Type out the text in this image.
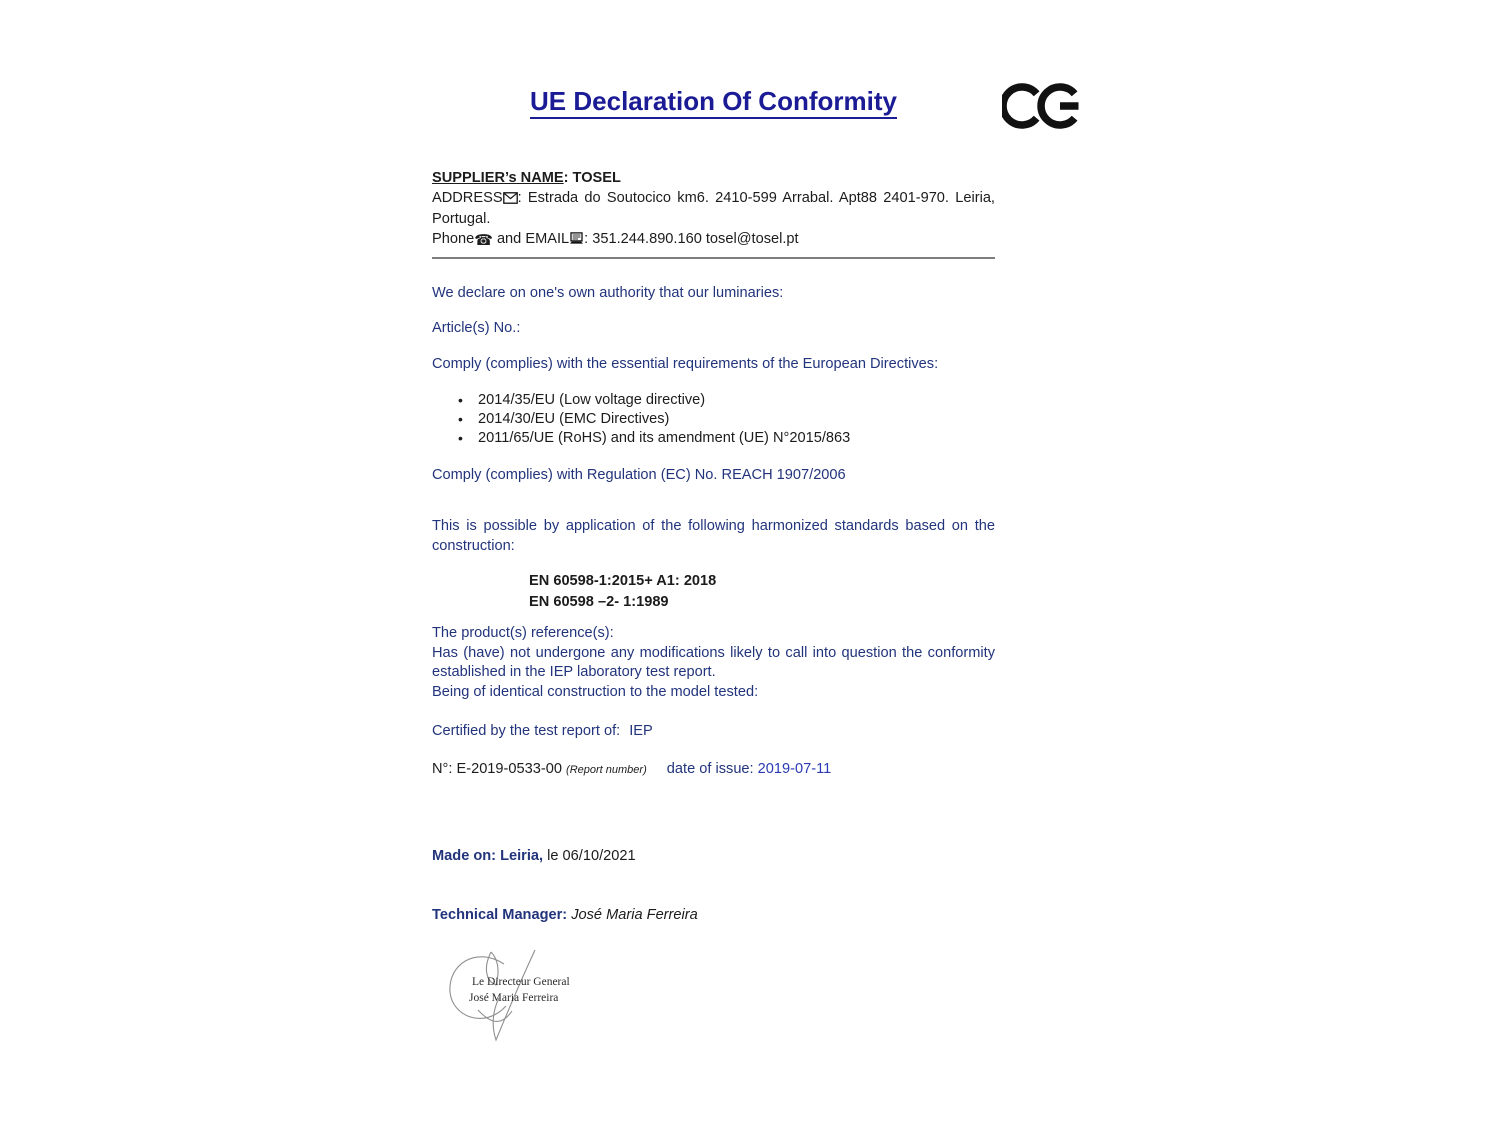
UE Declaration Of Conformity

SUPPLIER’s NAME: TOSEL

ADDRESS : Estrada do Soutocico km6. 2410-599 Arrabal. Apt88 2401-970. Leiria, Portugal.

Phone☎ and EMAIL : 351.244.890.160 tosel@tosel.pt

We declare on one's own authority that our luminaries:

Article(s) No.:

Comply (complies) with the essential requirements of the European Directives:

• 2014/35/EU (Low voltage directive)
• 2014/30/EU (EMC Directives)
• 2011/65/UE (RoHS) and its amendment (UE) N°2015/863

Comply (complies) with Regulation (EC) No. REACH 1907/2006

This is possible by application of the following harmonized standards based on the construction:

EN 60598-1:2015+ A1: 2018

EN 60598 –2- 1:1989

The product(s) reference(s):

Has (have) not undergone any modifications likely to call into question the conformity established in the IEP laboratory test report.

Being of identical construction to the model tested:

Certified by the test report of: IEP

N°: E-2019-0533-00 (Report number) date of issue: 2019-07-11

Made on: Leiria, le 06/10/2021

Technical Manager: José Maria Ferreira

Le Directeur General
José Maria Ferreira
